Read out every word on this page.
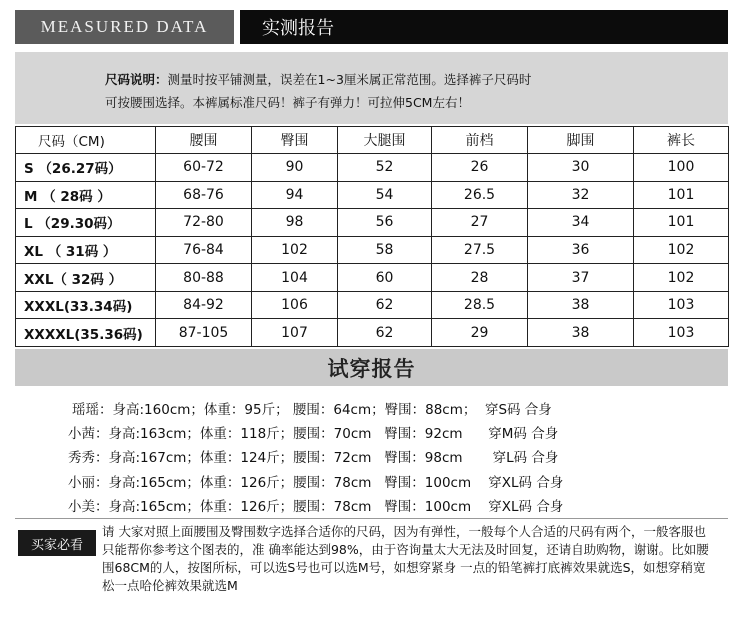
MEASURED DATA	实测报告
尺码说明：测量时按平铺测量，误差在1~3厘米属正常范围。选择裤子尺码时
可按腰围选择。本裤属标准尺码！裤子有弹力！可拉伸5CM左右！
尺码（CM)	腰围	臀围	大腿围	前档	脚围	裤长
S （26.27码）	60-72	90	52	26	30	100
M （ 28码 ）	68-76	94	54	26.5	32	101
L （29.30码）	72-80	98	56	27	34	101
XL （ 31码 ）	76-84	102	58	27.5	36	102
XXL（ 32码 ）	80-88	104	60	28	37	102
XXXL(33.34码)	84-92	106	62	28.5	38	103
XXXXL(35.36码)	87-105	107	62	29	38	103
试穿报告
瑶瑶：身高:160cm；体重：95斤； 腰围：64cm；臀围：88cm；  穿S码 合身
小茜：身高:163cm；体重：118斤；腰围：70cm   臀围：92cm      穿M码 合身
秀秀：身高:167cm；体重：124斤；腰围：72cm   臀围：98cm       穿L码 合身
小丽：身高:165cm；体重：126斤；腰围：78cm   臀围：100cm    穿XL码 合身
小美：身高:165cm；体重：126斤；腰围：78cm   臀围：100cm    穿XL码 合身
买家必看
请 大家对照上面腰围及臀围数字选择合适你的尺码，因为有弹性，一般每个人合适的尺码有两个，一般客服也只能帮你参考这个图表的，准 确率能达到98%，由于咨询量太大无法及时回复，还请自助购物，谢谢。比如腰围68CM的人，按图所标，可以选S号也可以选M号，如想穿紧身 一点的铅笔裤打底裤效果就选S，如想穿稍宽松一点哈伦裤效果就选M
